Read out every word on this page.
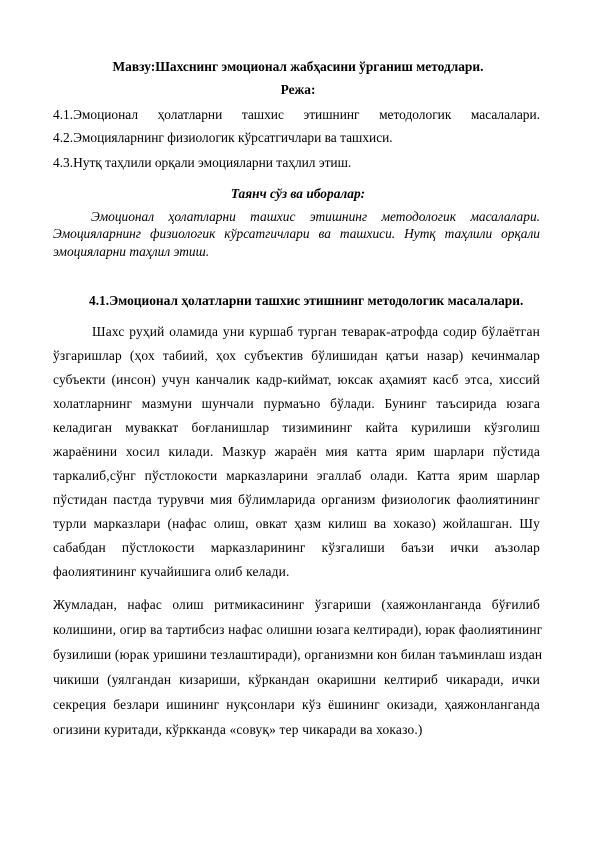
Мавзу:Шахснинг эмоционал жабҳасини ўрганиш методлари.
Режа:
4.1.Эмоционал ҳолатларни ташхис этишнинг методологик масалалари.
4.2.Эмоцияларнинг физиологик кўрсатгичлари ва ташхиси.
4.3.Нутқ таҳлили орқали эмоцияларни таҳлил этиш.
Таянч сўз ва иборалар:
Эмоционал ҳолатларни ташхис этишнинг методологик масалалари.
Эмоцияларнинг физиологик кўрсатгичлари ва ташхиси. Нутқ таҳлили орқали
эмоцияларни таҳлил этиш.
4.1.Эмоционал ҳолатларни ташхис этишнинг методологик масалалари.
Шахс руҳий оламида уни куршаб турган теварак-атрофда содир бўлаётган
ўзгаришлар (ҳох табиий, ҳох субъектив бўлишидан қатъи назар) кечинмалар
субъекти (инсон) учун канчалик кадр-киймат, юксак аҳамият касб этса, хиссий
холатларнинг мазмуни шунчали пурмаъно бўлади. Бунинг таъсирида юзага
келадиган муваккат боғланишлар тизимининг кайта курилиши кўзголиш
жараёнини хосил килади. Мазкур жараён мия катта ярим шарлари пўстида
таркалиб,сўнг пўстлокости марказларини эгаллаб олади. Катта ярим шарлар
пўстидан пастда турувчи мия бўлимларида организм физиологик фаолиятининг
турли марказлари (нафас олиш, овкат ҳазм килиш ва хоказо) жойлашган. Шу
сабабдан пўстлокости марказларининг кўзгалиши баъзи ички аъзолар
фаолиятининг кучайишига олиб келади.
Жумладан, нафас олиш ритмикасининг ўзгариши (хаяжонланганда бўғилиб
колишини, огир ва тартибсиз нафас олишни юзага келтиради), юрак фаолиятининг
бузилиши (юрак уришини тезлаштиради), организмни кон билан таъминлаш издан
чикиши (уялгандан кизариши, кўркандан окаришни келтириб чикаради, ички
секреция безлари ишининг нуқсонлари кўз ёшининг окизади, ҳаяжонланганда
огизини куритади, кўркканда «совуқ» тер чикаради ва хоказо.)
